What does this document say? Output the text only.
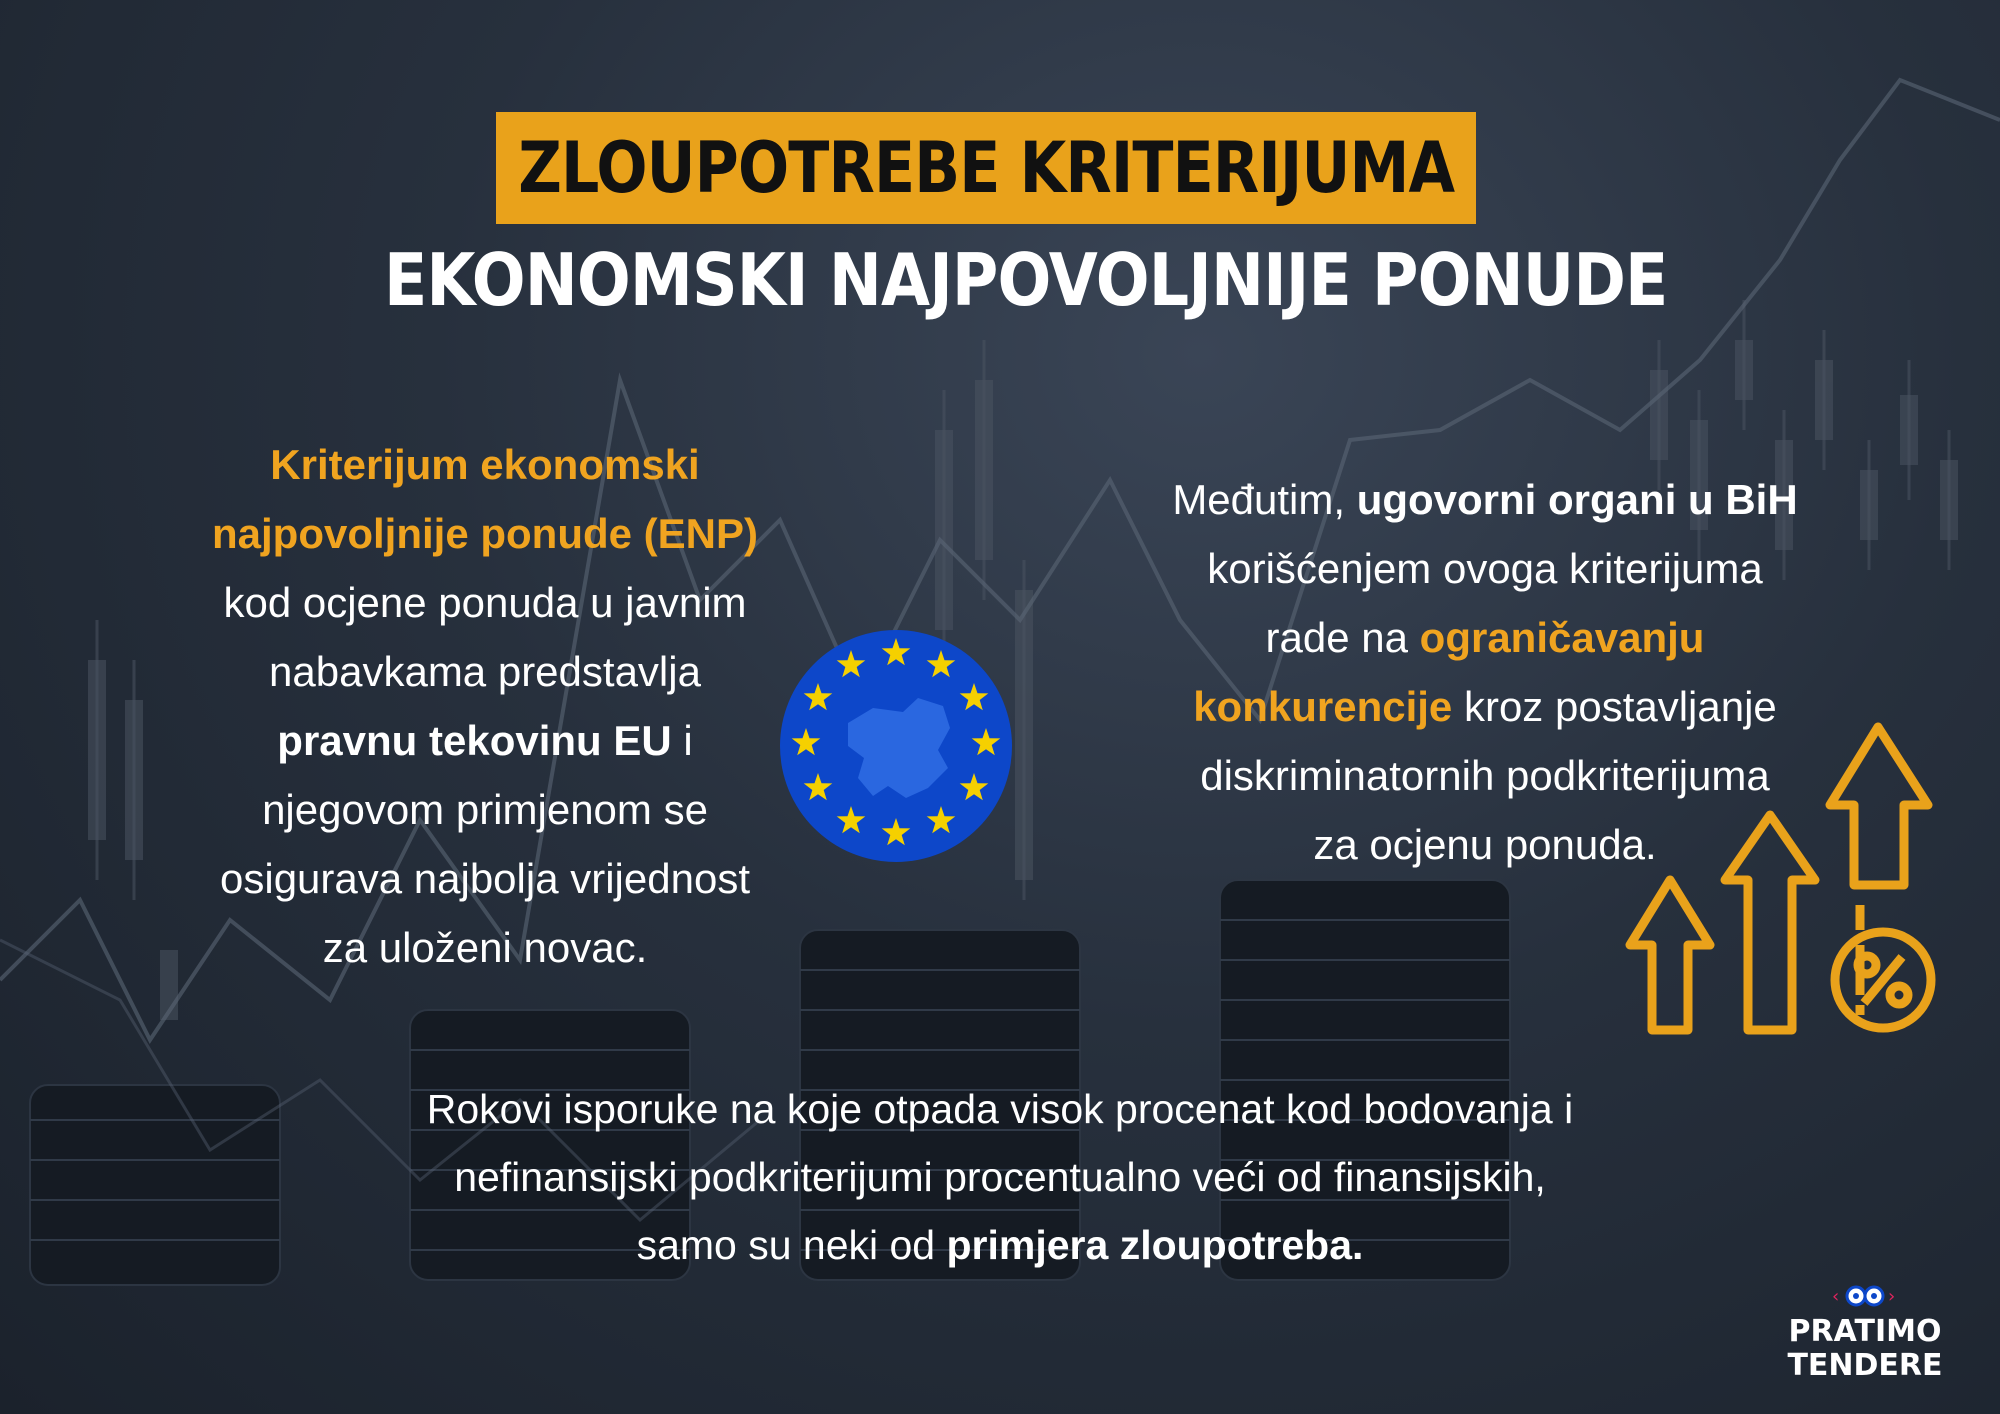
ZLOUPOTREBE KRITERIJUMA
EKONOMSKI NAJPOVOLJNIJE PONUDE
Kriterijum ekonomski
najpovoljnije ponude (ENP)
kod ocjene ponuda u javnim
nabavkama predstavlja
pravnu tekovinu EU i
njegovom primjenom se
osigurava najbolja vrijednost
za uloženi novac.
Međutim, ugovorni organi u BiH
korišćenjem ovoga kriterijuma
rade na ograničavanju
konkurencije kroz postavljanje
diskriminatornih podkriterijuma
za ocjenu ponuda.
Rokovi isporuke na koje otpada visok procenat kod bodovanja i
nefinansijski podkriterijumi procentualno veći od finansijskih,
samo su neki od primjera zloupotreba.
‹	›
PRATIMO
TENDERE
